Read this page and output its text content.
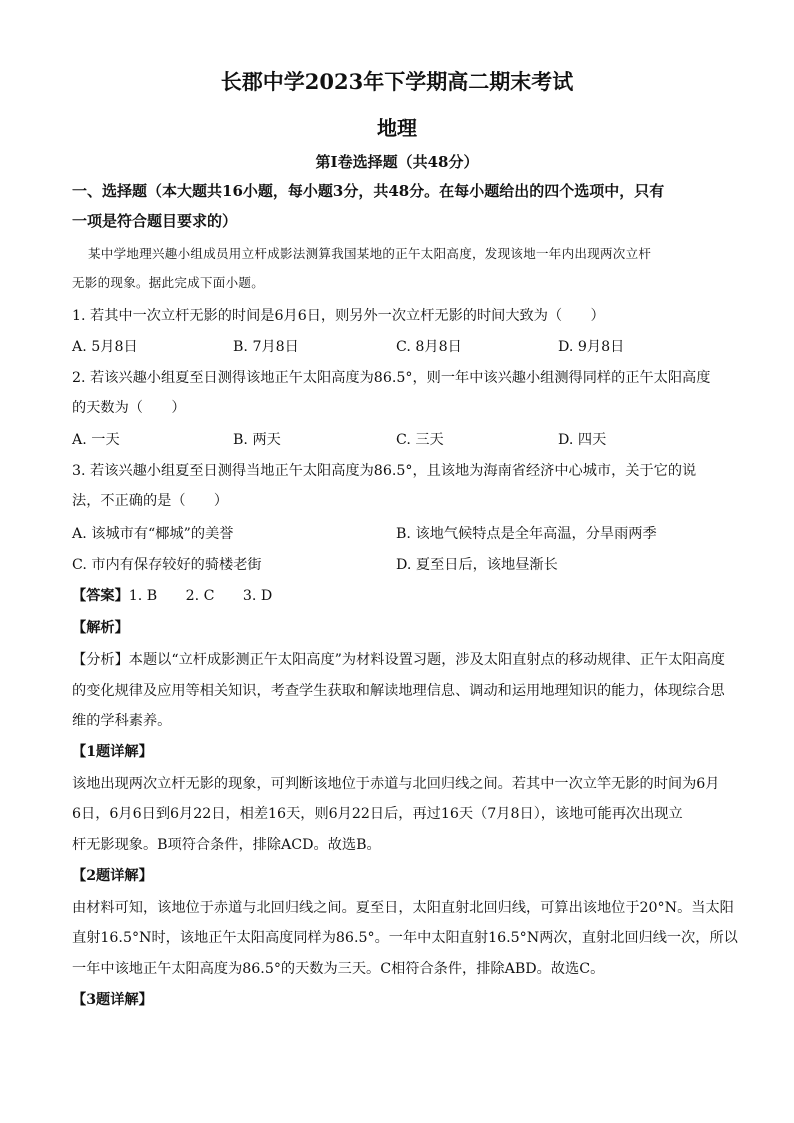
长郡中学2023年下学期高二期末考试
地理
第Ⅰ卷选择题（共48分）
一、选择题（本大题共16小题，每小题3分，共48分。在每小题给出的四个选项中，只有
一项是符合题目要求的）
某中学地理兴趣小组成员用立杆成影法测算我国某地的正午太阳高度，发现该地一年内出现两次立杆
无影的现象。据此完成下面小题。
1. 若其中一次立杆无影的时间是6月6日，则另外一次立杆无影的时间大致为（　　）
A. 5月8日	B. 7月8日	C. 8月8日	D. 9月8日
2. 若该兴趣小组夏至日测得该地正午太阳高度为86.5°，则一年中该兴趣小组测得同样的正午太阳高度
的天数为（　　）
A. 一天	B. 两天	C. 三天	D. 四天
3. 若该兴趣小组夏至日测得当地正午太阳高度为86.5°，且该地为海南省经济中心城市，关于它的说
法，不正确的是（　　）
A. 该城市有“椰城”的美誉	B. 该地气候特点是全年高温，分旱雨两季
C. 市内有保存较好的骑楼老街	D. 夏至日后，该地昼渐长
【答案】1. B　　2. C　　3. D
【解析】
【分析】本题以“立杆成影测正午太阳高度”为材料设置习题，涉及太阳直射点的移动规律、正午太阳高度
的变化规律及应用等相关知识，考查学生获取和解读地理信息、调动和运用地理知识的能力，体现综合思
维的学科素养。
【1题详解】
该地出现两次立杆无影的现象，可判断该地位于赤道与北回归线之间。若其中一次立竿无影的时间为6月
6日，6月6日到6月22日，相差16天，则6月22日后，再过16天（7月8日），该地可能再次出现立
杆无影现象。B项符合条件，排除ACD。故选B。
【2题详解】
由材料可知，该地位于赤道与北回归线之间。夏至日，太阳直射北回归线，可算出该地位于20°N。当太阳
直射16.5°N时，该地正午太阳高度同样为86.5°。一年中太阳直射16.5°N两次，直射北回归线一次，所以
一年中该地正午太阳高度为86.5°的天数为三天。C相符合条件，排除ABD。故选C。
【3题详解】
